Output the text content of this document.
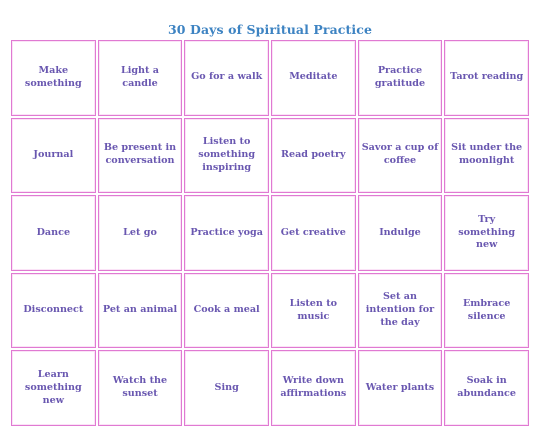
30 Days of Spiritual Practice
Make something
Light a candle
Go for a walk	Meditate
Practice gratitude
Tarot reading
Journal
Be present in conversation
Listen to something inspiring
Read poetry
Savor a cup of coffee
Sit under the moonlight
Dance	Let go	Practice yoga Get creative	Indulge
Try something new
Disconnect Pet an animal Cook a meal
Listen to music
Set an intention for the day
Embrace silence
Learn something new
Watch the sunset
Sing
Write down affirmations
Water plants
Soak in abundance
